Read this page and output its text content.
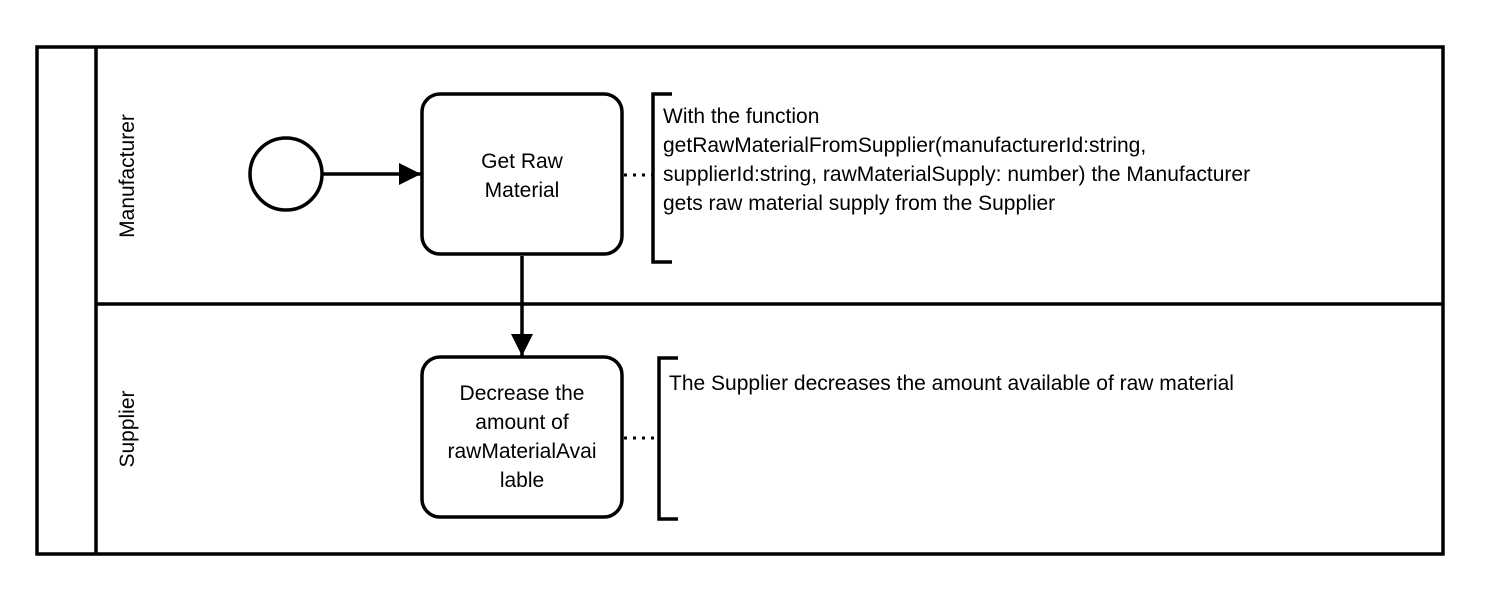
Manufacturer
Supplier
Get Raw
Material
Decrease the
amount of
rawMaterialAvai
lable
With the function
getRawMaterialFromSupplier(manufacturerId:string,
supplierId:string, rawMaterialSupply: number) the Manufacturer
gets raw material supply from the Supplier
The Supplier decreases the amount available of raw material
